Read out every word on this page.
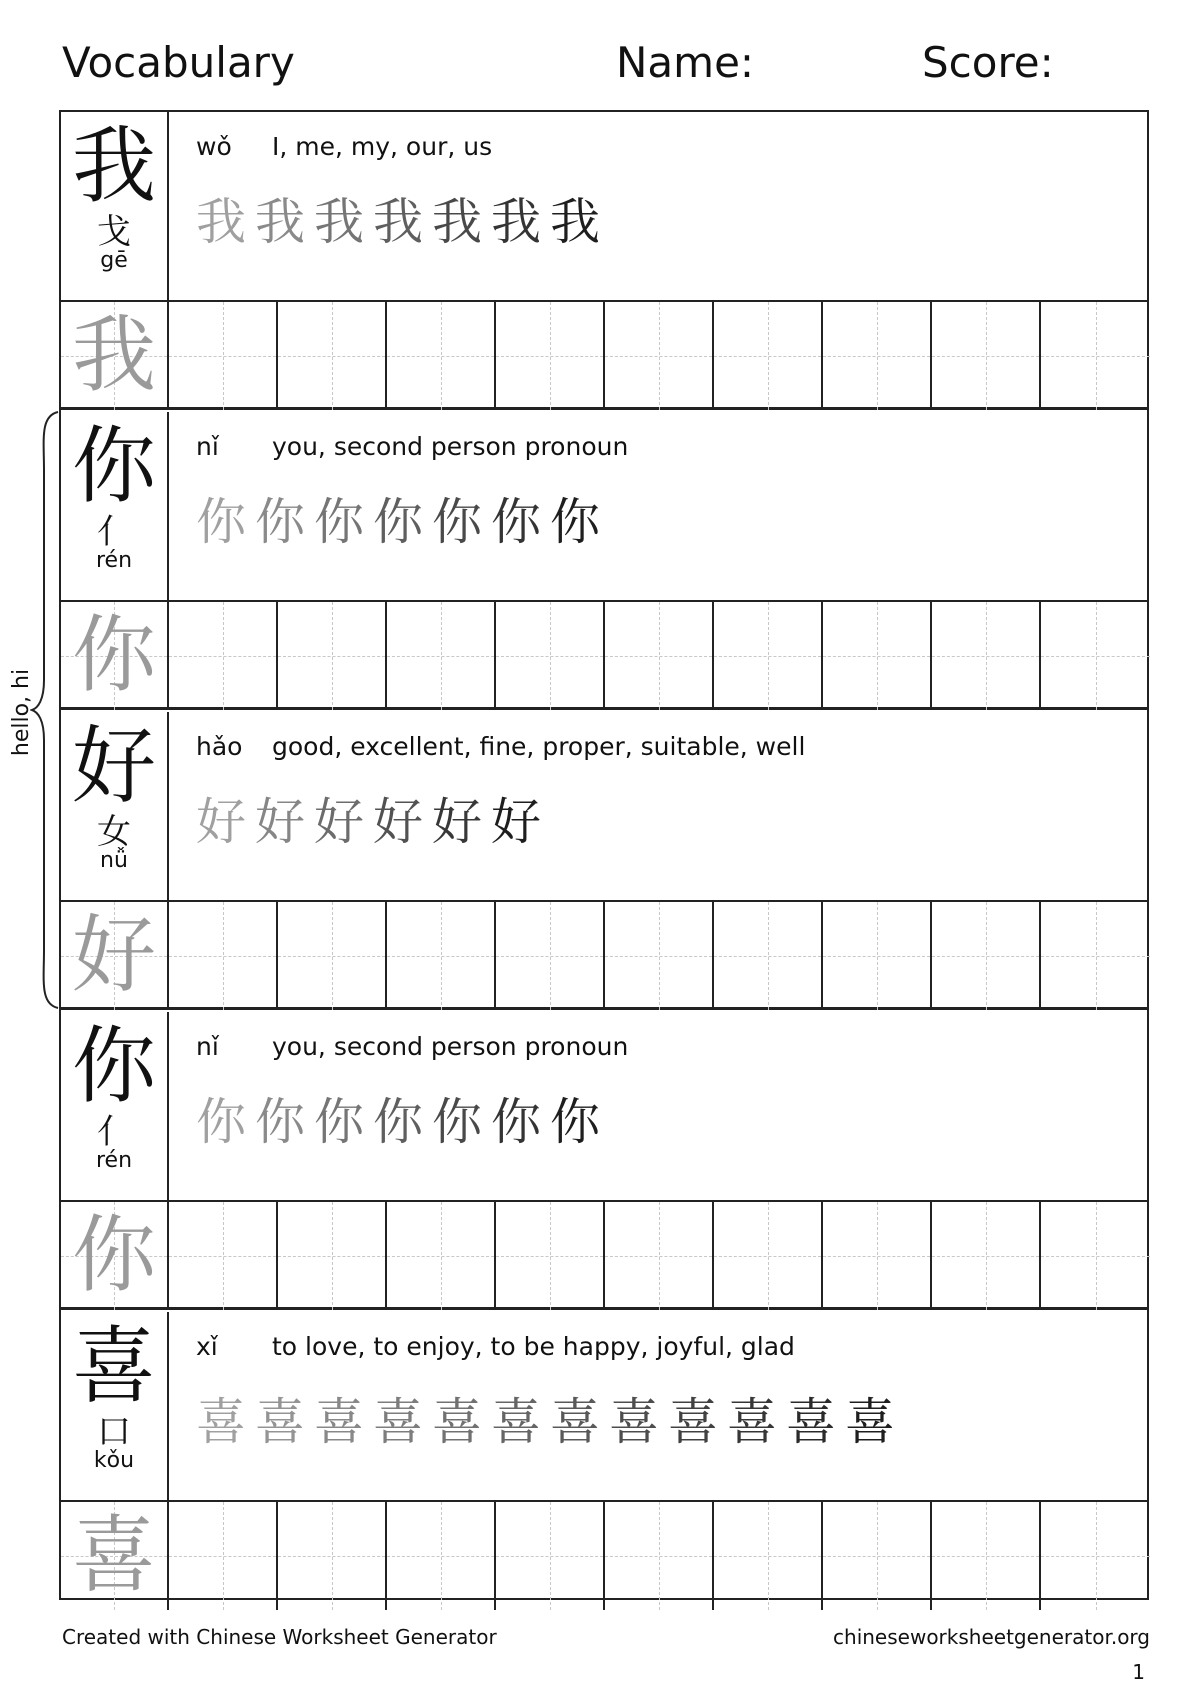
Vocabulary	Name:	Score:
我
戈
gē
wǒ I, me, my, our, us
我 我 我 我 我 我 我
我
你
亻
rén
nǐ you, second person pronoun
你 你 你 你 你 你 你
你
好
女
nǚ
hǎo good, excellent, fine, proper, suitable, well
好 好 好 好 好 好
好
你
亻
rén
nǐ you, second person pronoun
你 你 你 你 你 你 你
你
喜
口
kǒu
xǐ to love, to enjoy, to be happy, joyful, glad
喜 喜 喜 喜 喜 喜 喜 喜 喜 喜 喜 喜
喜
hello, hi
Created with Chinese Worksheet Generator	chineseworksheetgenerator.org
1
